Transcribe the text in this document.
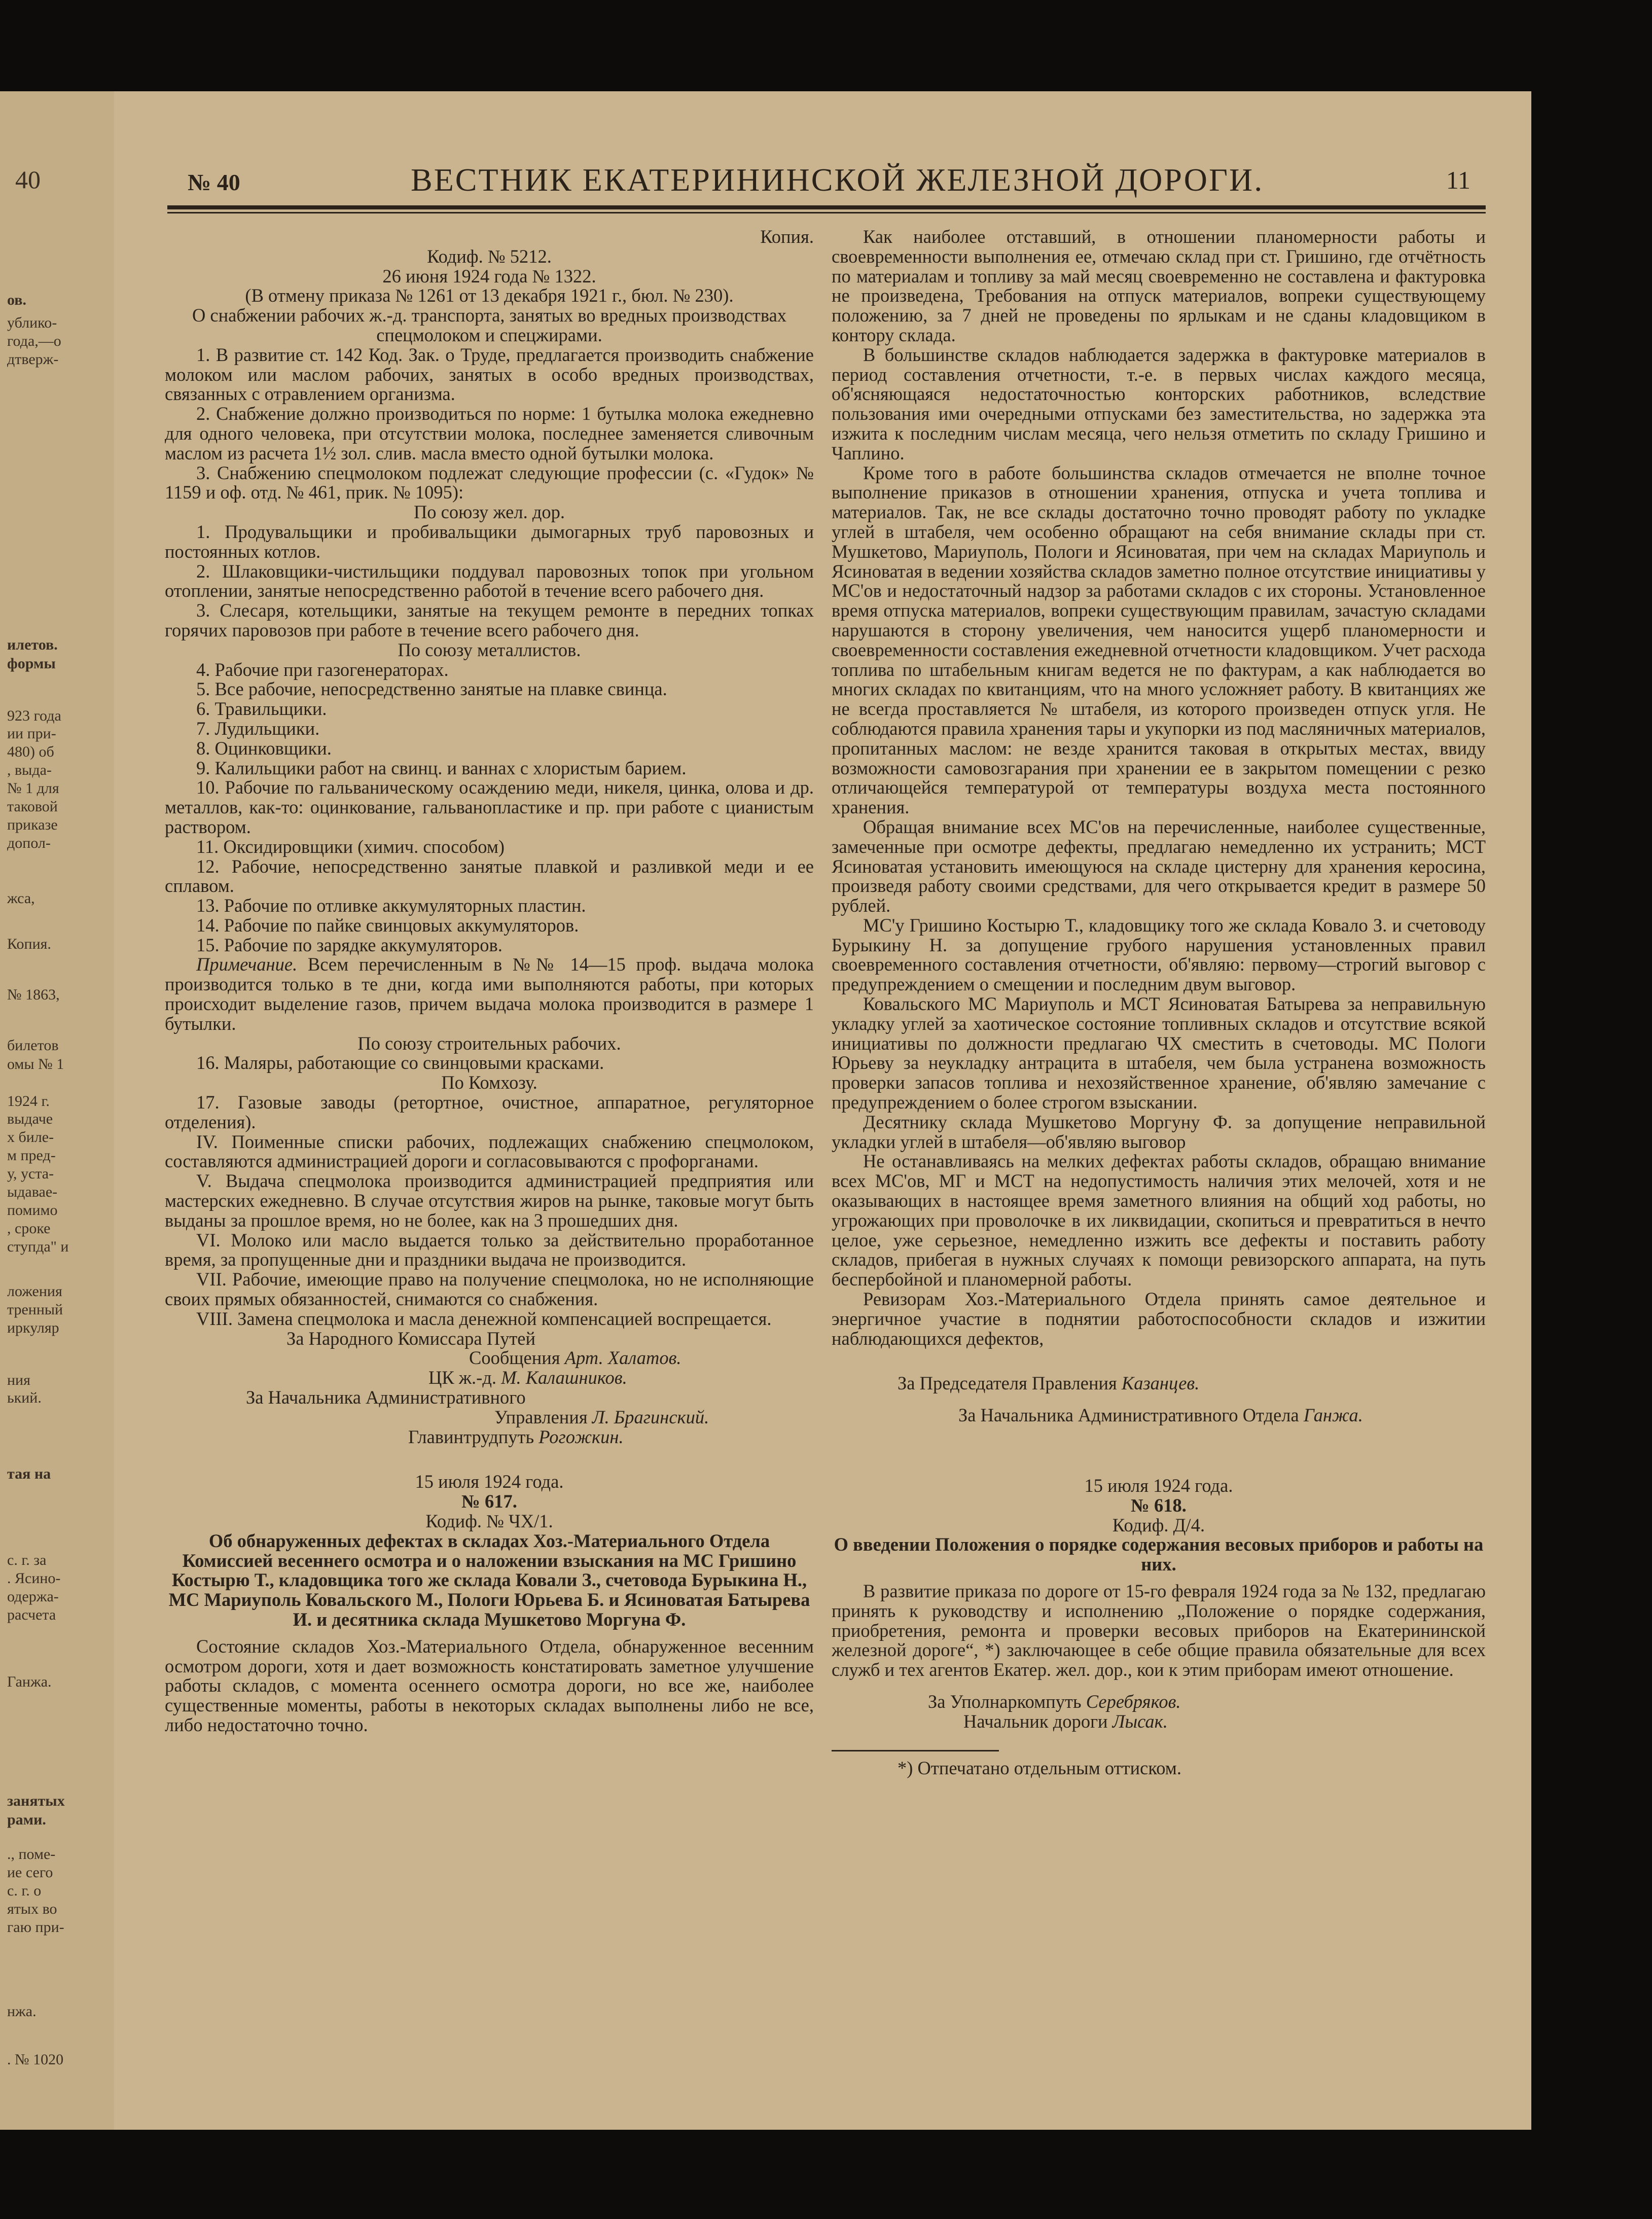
40
ов.
ублико-
года,—о
дтверж-
илетов.
формы
923 года
ии при-
480) об
, выда-
№ 1 для
таковой
приказе
допол-
жса,
Копия.
№ 1863,
билетов
омы № 1
1924 г.
выдаче
х биле-
м пред-
у, уста-
ыдавае-
помимо
, сроке
ступда" и
ложения
тренный
иркуляр
ния
ький.
тая на
с. г. за
. Ясино-
одержа-
расчета
Ганжа.
занятых
рами.
., поме-
ие сего
с. г. о
ятых во
гаю при-
нжа.
. № 1020
№ 40	ВЕСТНИК ЕКАТЕРИНИНСКОЙ ЖЕЛЕЗНОЙ ДОРОГИ.	11

Копия.

Кодиф. № 5212.

26 июня 1924 года № 1322.

(В отмену приказа № 1261 от 13 декабря 1921 г., бюл. № 230).

О снабжении рабочих ж.-д. транспорта, занятых во вредных производствах спецмолоком и спецжирами.

1. В развитие ст. 142 Код. Зак. о Труде, предлагается производить снабжение молоком или маслом рабочих, занятых в особо вредных производствах, связанных с отравлением организма.

2. Снабжение должно производиться по норме: 1 бутылка молока ежедневно для одного человека, при отсутствии молока, последнее заменяется сливочным маслом из расчета 1½ зол. слив. масла вместо одной бутылки молока.

3. Снабжению спецмолоком подлежат следующие профессии (с. «Гудок» № 1159 и оф. отд. № 461, прик. № 1095):

По союзу жел. дор.

1. Продувальщики и пробивальщики дымогарных труб паровозных и постоянных котлов.

2. Шлаковщики-чистильщики поддувал паровозных топок при угольном отоплении, занятые непосредственно работой в течение всего рабочего дня.

3. Слесаря, котельщики, занятые на текущем ремонте в передних топках горячих паровозов при работе в течение всего рабочего дня.

По союзу металлистов.

4. Рабочие при газогенераторах.

5. Все рабочие, непосредственно занятые на плавке свинца.

6. Травильщики.

7. Лудильщики.

8. Оцинковщики.

9. Калильщики работ на свинц. и ваннах с хлористым барием.

10. Рабочие по гальваническому осаждению меди, никеля, цинка, олова и др. металлов, как-то: оцинкование, гальванопластике и пр. при работе с цианистым раствором.

11. Оксидировщики (химич. способом)

12. Рабочие, непосредственно занятые плавкой и разливкой меди и ее сплавом.

13. Рабочие по отливке аккумуляторных пластин.

14. Рабочие по пайке свинцовых аккумуляторов.

15. Рабочие по зарядке аккумуляторов.

Примечание. Всем перечисленным в №№ 14—15 проф. выдача молока производится только в те дни, когда ими выполняются работы, при которых происходит выделение газов, причем выдача молока производится в размере 1 бутылки.

По союзу строительных рабочих.

16. Маляры, работающие со свинцовыми красками.

По Комхозу.

17. Газовые заводы (ретортное, очистное, аппаратное, регуляторное отделения).

IV. Поименные списки рабочих, подлежащих снабжению спецмолоком, составляются администрацией дороги и согласовываются с профорганами.

V. Выдача спецмолока производится администрацией предприятия или мастерских ежедневно. В случае отсутствия жиров на рынке, таковые могут быть выданы за прошлое время, но не более, как на 3 прошедших дня.

VI. Молоко или масло выдается только за действительно проработанное время, за пропущенные дни и праздники выдача не производится.

VII. Рабочие, имеющие право на получение спецмолока, но не исполняющие своих прямых обязанностей, снимаются со снабжения.

VIII. Замена спецмолока и масла денежной компенсацией воспрещается.

За Народного Комиссара Путей

Сообщения Арт. Халатов.

ЦК ж.-д. М. Калашников.

За Начальника Административного

Управления Л. Брагинский.

Главинтрудпуть Рогожкин.

15 июля 1924 года.

№ 617.

Кодиф. № ЧХ/1.

Об обнаруженных дефектах в складах Хоз.-Материального Отдела Комиссией весеннего осмотра и о наложении взыскания на МС Гришино Костырю Т., кладовщика того же склада Ковали З., счетовода Бурыкина Н., МС Мариуполь Ковальского М., Пологи Юрьева Б. и Ясиноватая Батырева И. и десятника склада Мушкетово Моргуна Ф.

Состояние складов Хоз.-Материального Отдела, обнаруженное весенним осмотром дороги, хотя и дает возможность констатировать заметное улучшение работы складов, с момента осеннего осмотра дороги, но все же, наиболее существенные моменты, работы в некоторых складах выполнены либо не все, либо недостаточно точно.

Как наиболее отставший, в отношении планомерности работы и своевременности выполнения ее, отмечаю склад при ст. Гришино, где отчётность по материалам и топливу за май месяц своевременно не составлена и фактуровка не произведена, Требования на отпуск материалов, вопреки существующему положению, за 7 дней не проведены по ярлыкам и не сданы кладовщиком в контору склада.

В большинстве складов наблюдается задержка в фактуровке материалов в период составления отчетности, т.-е. в первых числах каждого месяца, об'ясняющаяся недостаточностью конторских работников, вследствие пользования ими очередными отпусками без заместительства, но задержка эта изжита к последним числам месяца, чего нельзя отметить по складу Гришино и Чаплино.

Кроме того в работе большинства складов отмечается не вполне точное выполнение приказов в отношении хранения, отпуска и учета топлива и материалов. Так, не все склады достаточно точно проводят работу по укладке углей в штабеля, чем особенно обращают на себя внимание склады при ст. Мушкетово, Мариуполь, Пологи и Ясиноватая, при чем на складах Мариуполь и Ясиноватая в ведении хозяйства складов заметно полное отсутствие инициативы у МС'ов и недостаточный надзор за работами складов с их стороны. Установленное время отпуска материалов, вопреки существующим правилам, зачастую складами нарушаются в сторону увеличения, чем наносится ущерб планомерности и своевременности составления ежедневной отчетности кладовщиком. Учет расхода топлива по штабельным книгам ведется не по фактурам, а как наблюдается во многих складах по квитанциям, что на много усложняет работу. В квитанциях же не всегда проставляется № штабеля, из которого произведен отпуск угля. Не соблюдаются правила хранения тары и укупорки из под масляничных материалов, пропитанных маслом: не везде хранится таковая в открытых местах, ввиду возможности самовозгарания при хранении ее в закрытом помещении с резко отличающейся температурой от температуры воздуха места постоянного хранения.

Обращая внимание всех МС'ов на перечисленные, наиболее существенные, замеченные при осмотре дефекты, предлагаю немедленно их устранить; МСТ Ясиноватая установить имеющуюся на складе цистерну для хранения керосина, произведя работу своими средствами, для чего открывается кредит в размере 50 рублей.

МС'у Гришино Костырю Т., кладовщику того же склада Ковало З. и счетоводу Бурыкину Н. за допущение грубого нарушения установленных правил своевременного составления отчетности, об'являю: первому—строгий выговор с предупреждением о смещении и последним двум выговор.

Ковальского МС Мариуполь и МСТ Ясиноватая Батырева за неправильную укладку углей за хаотическое состояние топливных складов и отсутствие всякой инициативы по должности предлагаю ЧХ сместить в счетоводы. МС Пологи Юрьеву за неукладку антрацита в штабеля, чем была устранена возможность проверки запасов топлива и нехозяйственное хранение, об'являю замечание с предупреждением о более строгом взыскании.

Десятнику склада Мушкетово Моргуну Ф. за допущение неправильной укладки углей в штабеля—об'являю выговор

Не останавливаясь на мелких дефектах работы складов, обращаю внимание всех МС'ов, МГ и МСТ на недопустимость наличия этих мелочей, хотя и не оказывающих в настоящее время заметного влияния на общий ход работы, но угрожающих при проволочке в их ликвидации, скопиться и превратиться в нечто целое, уже серьезное, немедленно изжить все дефекты и поставить работу складов, прибегая в нужных случаях к помощи ревизорского аппарата, на путь беспербойной и планомерной работы.

Ревизорам Хоз.-Материального Отдела принять самое деятельное и энергичное участие в поднятии работоспособности складов и изжитии наблюдающихся дефектов,

За Председателя Правления Казанцев.

За Начальника Административного Отдела Ганжа.

15 июля 1924 года.

№ 618.

Кодиф. Д/4.

О введении Положения о порядке содержания весовых приборов и работы на них.

В развитие приказа по дороге от 15-го февраля 1924 года за № 132, предлагаю принять к руководству и исполнению „Положение о порядке содержания, приобретения, ремонта и проверки весовых приборов на Екатерининской железной дороге“, *) заключающее в себе общие правила обязательные для всех служб и тех агентов Екатер. жел. дор., кои к этим приборам имеют отношение.

За Уполнаркомпуть Серебряков.

Начальник дороги Лысак.

*) Отпечатано отдельным оттиском.
